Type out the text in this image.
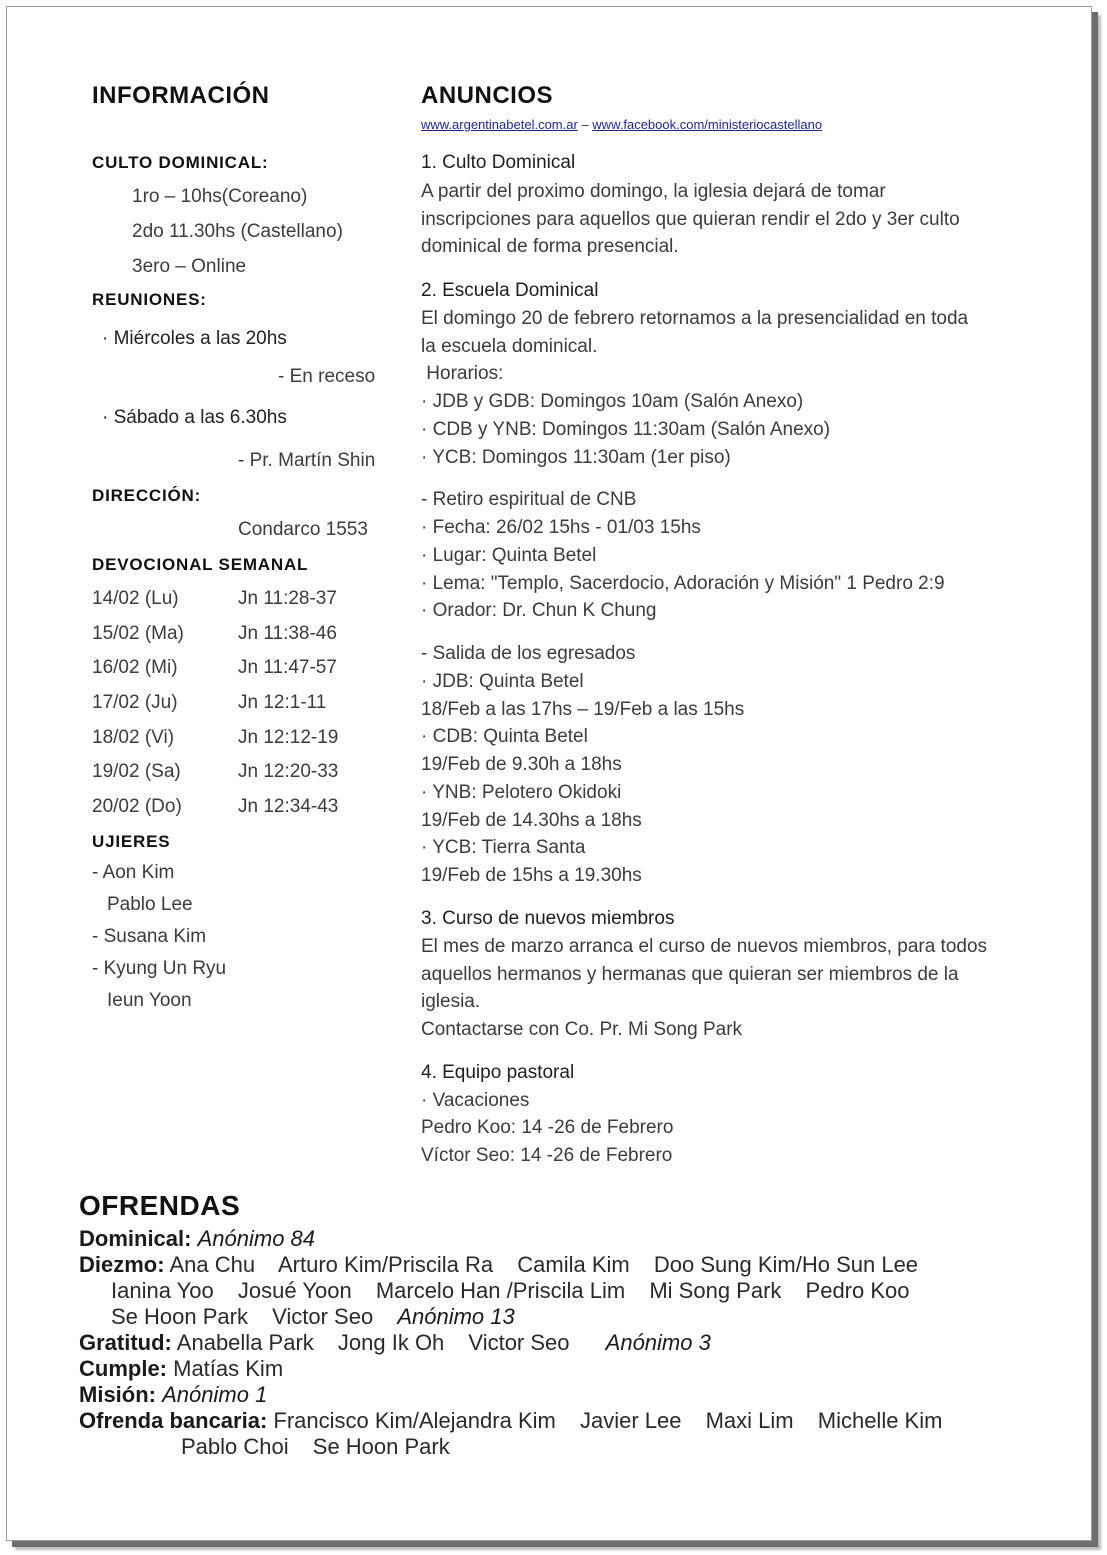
INFORMACIÓN
CULTO DOMINICAL:
1ro – 10hs(Coreano)
2do 11.30hs (Castellano)
3ero – Online
REUNIONES:
· Miércoles a las 20hs
- En receso
· Sábado a las 6.30hs
- Pr. Martín Shin
DIRECCIÓN:
Condarco 1553
DEVOCIONAL SEMANAL
14/02 (Lu)	Jn 11:28-37
15/02 (Ma)	Jn 11:38-46
16/02 (Mi)	Jn 11:47-57
17/02 (Ju)	Jn 12:1-11
18/02 (Vi)	Jn 12:12-19
19/02 (Sa)	Jn 12:20-33
20/02 (Do)	Jn 12:34-43
UJIERES
- Aon Kim
Pablo Lee
- Susana Kim
- Kyung Un Ryu
Ieun Yoon
ANUNCIOS
www.argentinabetel.com.ar – www.facebook.com/ministeriocastellano
1. Culto Dominical
A partir del proximo domingo, la iglesia dejará de tomar
inscripciones para aquellos que quieran rendir el 2do y 3er culto
dominical de forma presencial.
2. Escuela Dominical
El domingo 20 de febrero retornamos a la presencialidad en toda
la escuela dominical.
Horarios:
· JDB y GDB: Domingos 10am (Salón Anexo)
· CDB y YNB: Domingos 11:30am (Salón Anexo)
· YCB: Domingos 11:30am (1er piso)
- Retiro espiritual de CNB
· Fecha: 26/02 15hs - 01/03 15hs
· Lugar: Quinta Betel
· Lema: "Templo, Sacerdocio, Adoración y Misión" 1 Pedro 2:9
· Orador: Dr. Chun K Chung
- Salida de los egresados
· JDB: Quinta Betel
18/Feb a las 17hs – 19/Feb a las 15hs
· CDB: Quinta Betel
19/Feb de 9.30h a 18hs
· YNB: Pelotero Okidoki
19/Feb de 14.30hs a 18hs
· YCB: Tierra Santa
19/Feb de 15hs a 19.30hs
3. Curso de nuevos miembros
El mes de marzo arranca el curso de nuevos miembros, para todos
aquellos hermanos y hermanas que quieran ser miembros de la
iglesia.
Contactarse con Co. Pr. Mi Song Park
4. Equipo pastoral
· Vacaciones
Pedro Koo: 14 -26 de Febrero
Víctor Seo: 14 -26 de Febrero
OFRENDAS
Dominical: Anónimo 84
Diezmo: Ana Chu Arturo Kim/Priscila Ra Camila Kim Doo Sung Kim/Ho Sun Lee
Ianina Yoo Josué Yoon Marcelo Han /Priscila Lim Mi Song Park Pedro Koo
Se Hoon Park Victor Seo Anónimo 13
Gratitud: Anabella Park Jong Ik Oh Victor Seo Anónimo 3
Cumple: Matías Kim
Misión: Anónimo 1
Ofrenda bancaria: Francisco Kim/Alejandra Kim Javier Lee Maxi Lim Michelle Kim
Pablo Choi Se Hoon Park
